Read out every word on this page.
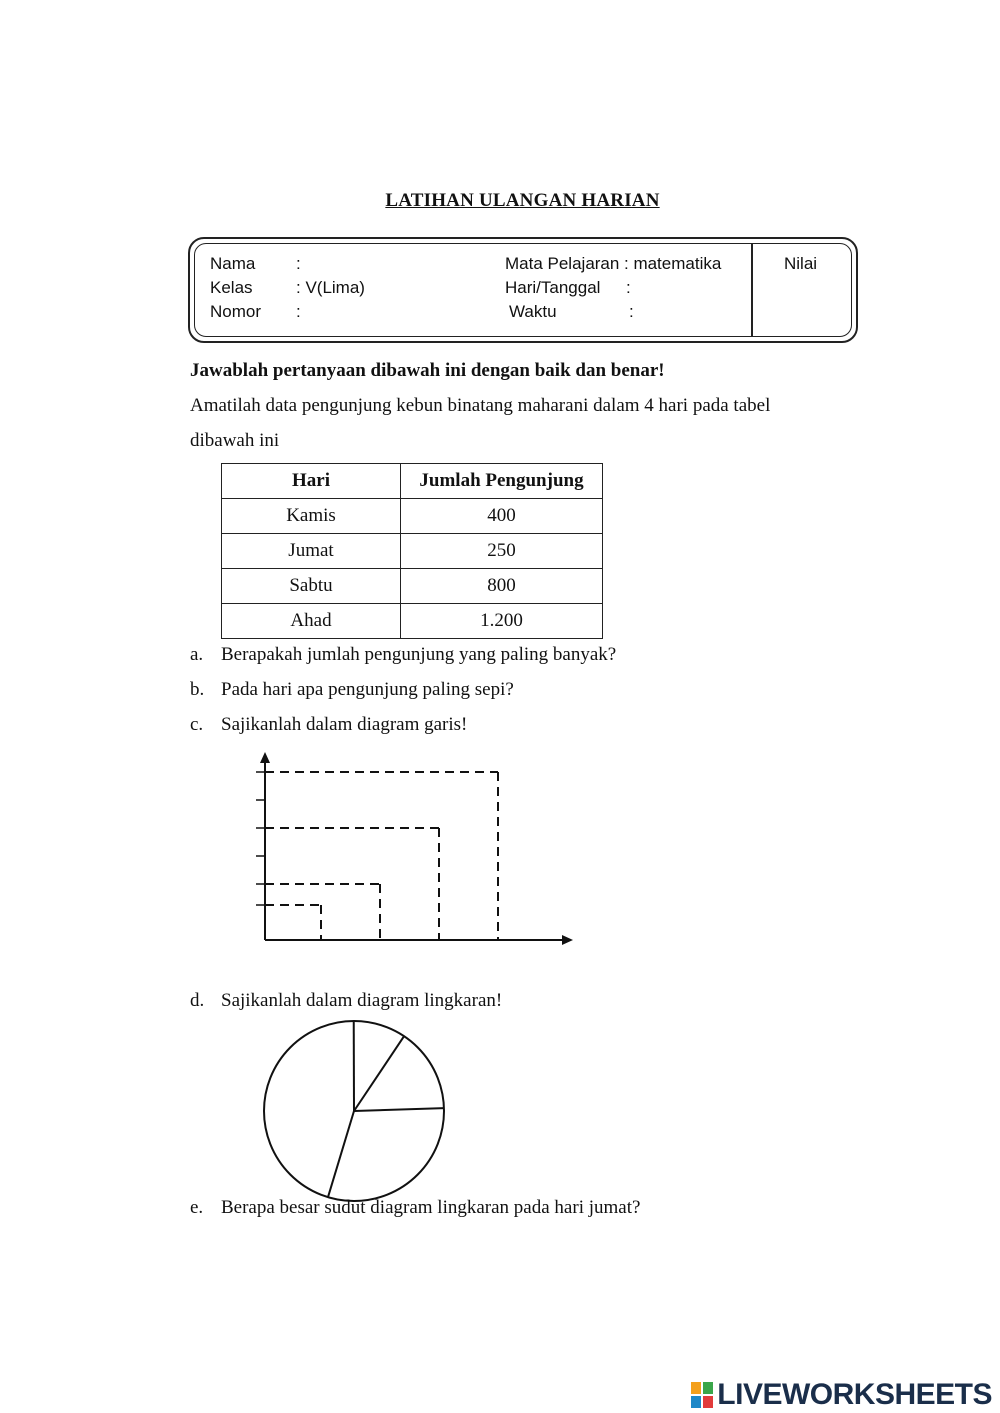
LATIHAN ULANGAN HARIAN
Nama :
Kelas	: V(Lima)
Nomor :
Mata Pelajaran : matematika
Hari/Tanggal :
Waktu	:
Nilai
Jawablah pertanyaan dibawah ini dengan baik dan benar!
Amatilah data pengunjung kebun binatang maharani dalam 4 hari pada tabel
dibawah ini
Hari	Jumlah Pengunjung
Kamis	400
Jumat	250
Sabtu	800
Ahad	1.200
a. Berapakah jumlah pengunjung yang paling banyak?
b. Pada hari apa pengunjung paling sepi?
c. Sajikanlah dalam diagram garis!
d. Sajikanlah dalam diagram lingkaran!
e. Berapa besar sudut diagram lingkaran pada hari jumat?
LIVEWORKSHEETS
